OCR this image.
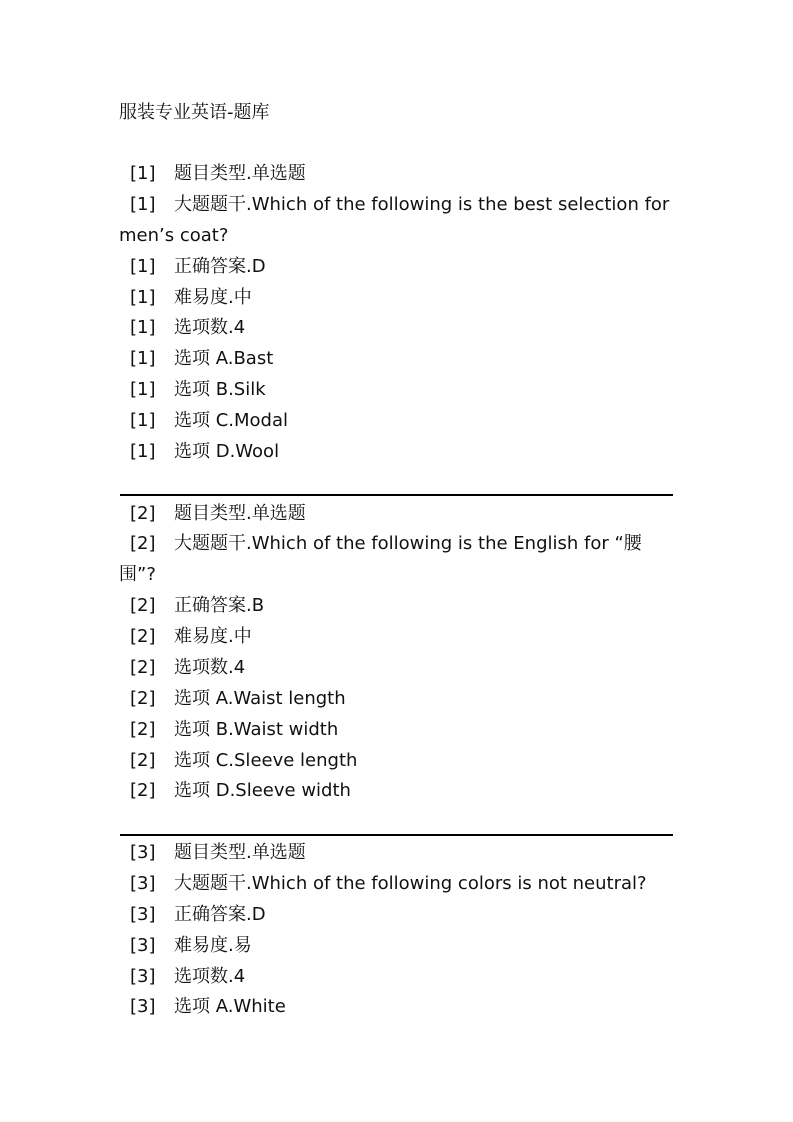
服装专业英语-题库
[1] 题目类型.单选题
[1] 大题题干.Which of the following is the best selection for
men’s coat?
[1] 正确答案.D
[1] 难易度.中
[1] 选项数.4
[1] 选项 A.Bast
[1] 选项 B.Silk
[1] 选项 C.Modal
[1] 选项 D.Wool
[2] 题目类型.单选题
[2] 大题题干.Which of the following is the English for “腰
围”?
[2] 正确答案.B
[2] 难易度.中
[2] 选项数.4
[2] 选项 A.Waist length
[2] 选项 B.Waist width
[2] 选项 C.Sleeve length
[2] 选项 D.Sleeve width
[3] 题目类型.单选题
[3] 大题题干.Which of the following colors is not neutral?
[3] 正确答案.D
[3] 难易度.易
[3] 选项数.4
[3] 选项 A.White
